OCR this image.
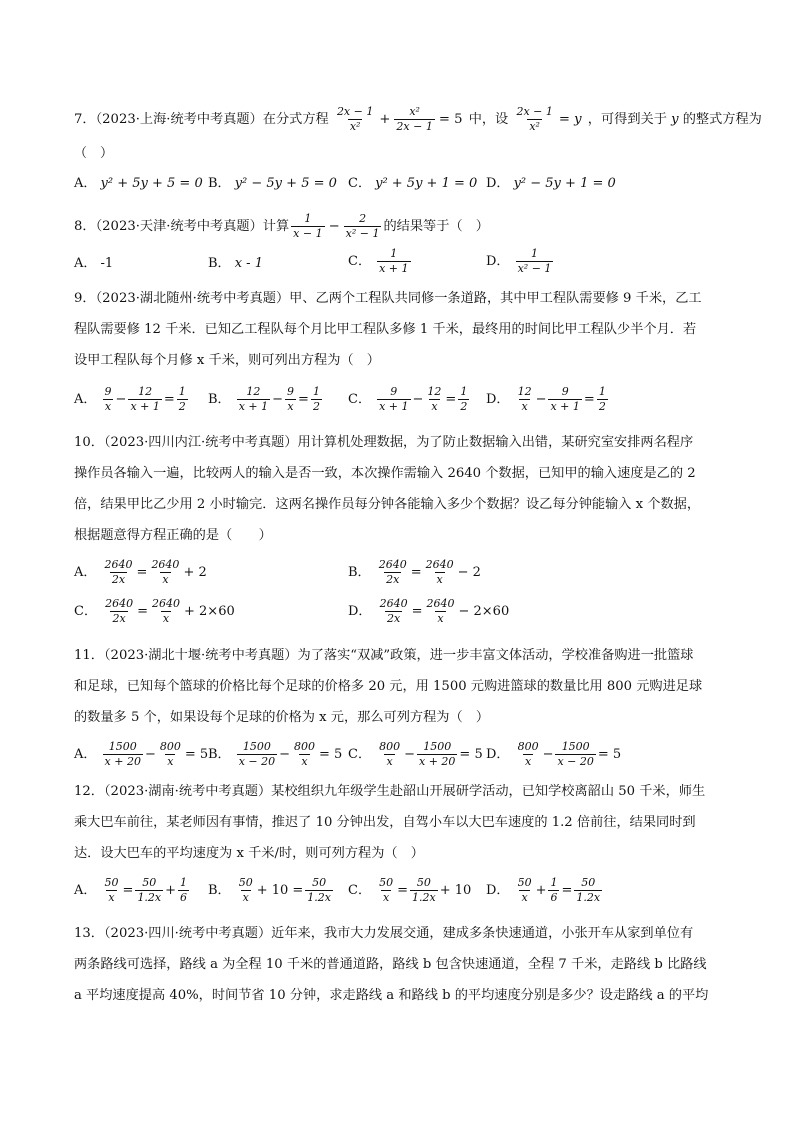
7．（2023·上海·统考中考真题）在分式方程 $\frac{2x - 1}{\text{x²}} + \frac{\text{x²}}{2x - 1} = 5$ 中，设 $\frac{2x - 1}{\text{x²}} = y$ ，可得到关于 y 的整式方程为
（　）
A． y² + 5y + 5 = 0 B． y² − 5y + 5 = 0 C． y² + 5y + 1 = 0 D． y² − 5y + 1 = 0
8．（2023·天津·统考中考真题）计算 $\frac{1}{x - 1} - \frac{2}{\text{x² − 1}}$ 的结果等于（　）
A． -1	B． x - 1	C． $\frac{1}{x + 1}$	D． $\frac{1}{\text{x² − 1}}$
9．（2023·湖北随州·统考中考真题）甲、乙两个工程队共同修一条道路，其中甲工程队需要修 9 千米，乙工
程队需要修 12 千米．已知乙工程队每个月比甲工程队多修 1 千米，最终用的时间比甲工程队少半个月．若
设甲工程队每个月修 x 千米，则可列出方程为（　）
A． $\frac{9}{x} - \frac{12}{x + 1} = \frac{1}{2}$ B． $\frac{12}{x + 1} - \frac{9}{x} = \frac{1}{2}$ C． $\frac{9}{x + 1} - \frac{12}{x} = \frac{1}{2}$ D． $\frac{12}{x} - \frac{9}{x + 1} = \frac{1}{2}$
10．（2023·四川内江·统考中考真题）用计算机处理数据，为了防止数据输入出错，某研究室安排两名程序
操作员各输入一遍，比较两人的输入是否一致，本次操作需输入 2640 个数据，已知甲的输入速度是乙的 2
倍，结果甲比乙少用 2 小时输完．这两名操作员每分钟各能输入多少个数据？设乙每分钟能输入 x 个数据，
根据题意得方程正确的是（　　）
A． $\frac{2640}{2x} = \frac{2640}{x} + 2$	B． $\frac{2640}{2x} = \frac{2640}{x} - 2$
C． $\frac{2640}{2x} = \frac{2640}{x} + 2\times 60$	D． $\frac{2640}{2x} = \frac{2640}{x} - 2\times 60$
11．（2023·湖北十堰·统考中考真题）为了落实“双减”政策，进一步丰富文体活动，学校准备购进一批篮球
和足球，已知每个篮球的价格比每个足球的价格多 20 元，用 1500 元购进篮球的数量比用 800 元购进足球
的数量多 5 个，如果设每个足球的价格为 x 元，那么可列方程为（　）
A． $\frac{1500}{x + 20} - \frac{800}{x} = 5$ B． $\frac{1500}{x - 20} - \frac{800}{x} = 5$ C． $\frac{800}{x} - \frac{1500}{x + 20} = 5$ D． $\frac{800}{x} - \frac{1500}{x - 20} = 5$
12．（2023·湖南·统考中考真题）某校组织九年级学生赴韶山开展研学活动，已知学校离韶山 50 千米，师生
乘大巴车前往，某老师因有事情，推迟了 10 分钟出发，自驾小车以大巴车速度的 1.2 倍前往，结果同时到
达．设大巴车的平均速度为 x 千米/时，则可列方程为（　）
A． $\frac{50}{x} = \frac{50}{1.2x} + \frac{1}{6}$ B． $\frac{50}{x} + 10 = \frac{50}{1.2x}$ C． $\frac{50}{x} = \frac{50}{1.2x} + 10$ D． $\frac{50}{x} + \frac{1}{6} = \frac{50}{1.2x}$
13．（2023·四川·统考中考真题）近年来，我市大力发展交通，建成多条快速通道，小张开车从家到单位有
两条路线可选择，路线 a 为全程 10 千米的普通道路，路线 b 包含快速通道，全程 7 千米，走路线 b 比路线
a 平均速度提高 40%，时间节省 10 分钟，求走路线 a 和路线 b 的平均速度分别是多少？设走路线 a 的平均
